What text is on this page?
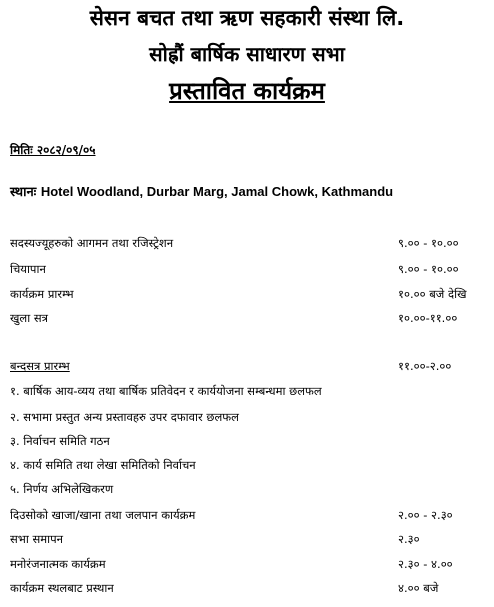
सेसन बचत तथा ऋण सहकारी संस्था लि.
सोह्रौं बार्षिक साधारण सभा
प्रस्तावित कार्यक्रम
मितिः २०८२/०९/०५
स्थानः Hotel Woodland, Durbar Marg, Jamal Chowk, Kathmandu
सदस्यज्यूहरुको आगमन तथा रजिस्ट्रेशन	९.०० - १०.००
चियापान	९.०० - १०.००
कार्यक्रम प्रारम्भ	१०.०० बजे देखि
खुला सत्र	१०.००-११.००
बन्दसत्र प्रारम्भ	११.००-२.००
१. बार्षिक आय-व्यय तथा बार्षिक प्रतिवेदन र कार्ययोजना सम्बन्धमा छलफल
२. सभामा प्रस्तुत अन्य प्रस्तावहरु उपर दफावार छलफल
३. निर्वाचन समिति गठन
४. कार्य समिति तथा लेखा समितिको निर्वाचन
५. निर्णय अभिलेखिकरण
दिउसोको खाजा/खाना तथा जलपान कार्यक्रम	२.०० - २.३०
सभा समापन	२.३०
मनोरंजनात्मक कार्यक्रम	२.३० - ४.००
कार्यक्रम स्थलबाट प्रस्थान	४.०० बजे
